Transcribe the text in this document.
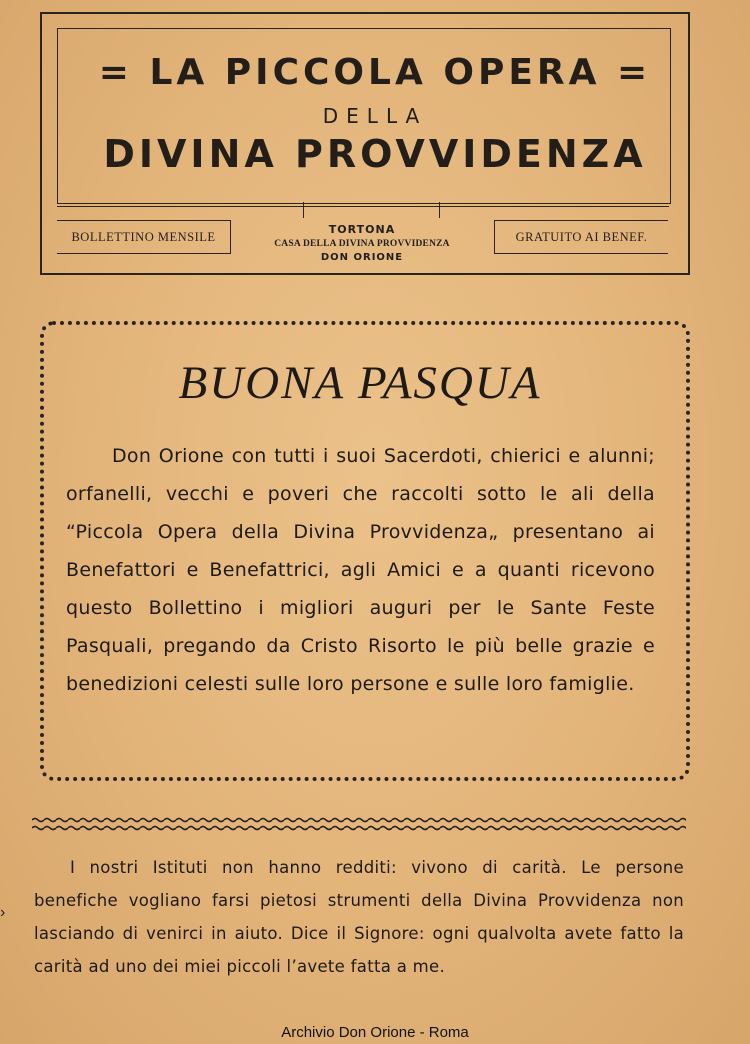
= LA PICCOLA OPERA =
DELLA
DIVINA PROVVIDENZA
BOLLETTINO MENSILE	GRATUITO AI BENEF.
TORTONA
CASA DELLA DIVINA PROVVIDENZA
DON ORIONE
BUONA PASQUA
Don Orione con tutti i suoi Sacerdoti, chierici e alunni; orfanelli, vecchi e poveri che raccolti sotto le ali della “Piccola Opera della Divina Provvidenza„ presentano ai Benefattori e Benefattrici, agli Amici e a quanti ricevono questo Bollettino i migliori auguri per le Sante Feste Pasquali, pregando da Cristo Risorto le più belle grazie e benedizioni celesti sulle loro persone e sulle loro famiglie.
I nostri Istituti non hanno redditi: vivono di carità. Le persone benefiche vogliano farsi pietosi strumenti della Divina Provvidenza non lasciando di venirci in aiuto. Dice il Signore: ogni qualvolta avete fatto la carità ad uno dei miei piccoli l’avete fatta a me.
Archivio Don Orione - Roma
›
